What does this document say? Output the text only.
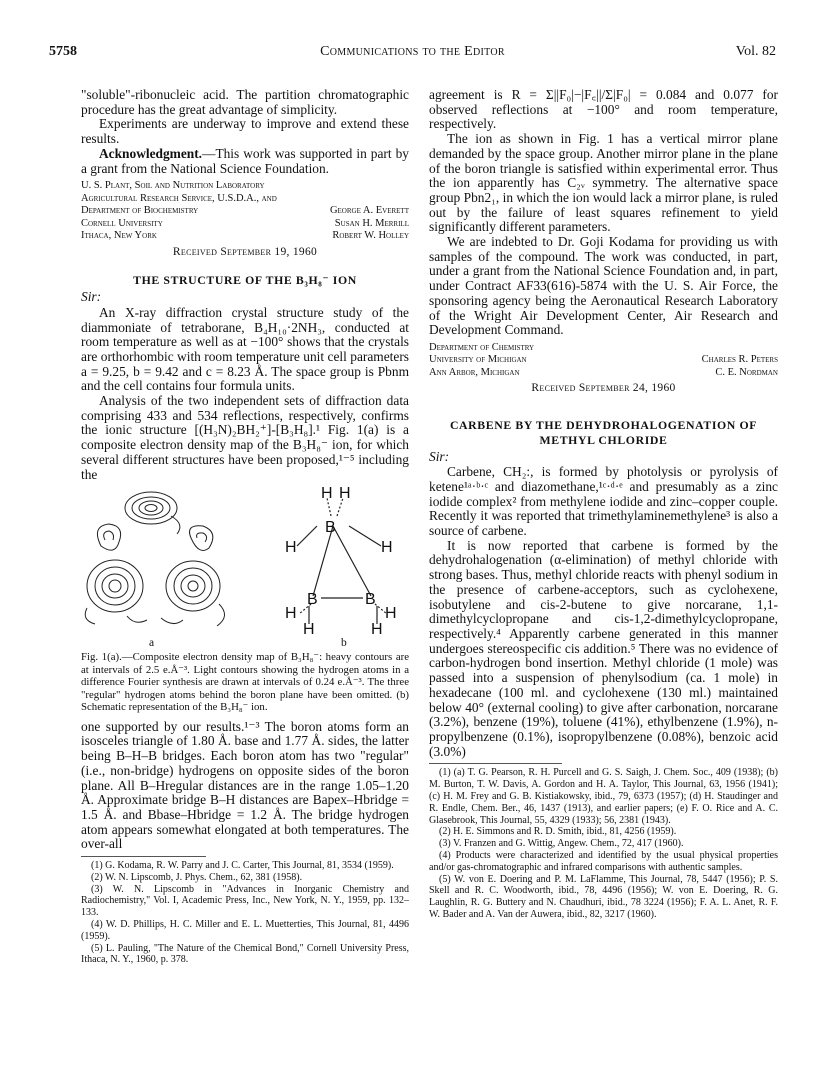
5758	Communications to the Editor	Vol. 82

"soluble"-ribonucleic acid. The partition chromatographic procedure has the great advantage of simplicity.

Experiments are underway to improve and extend these results.

Acknowledgment.—This work was supported in part by a grant from the National Science Foundation.

U. S. Plant, Soil and Nutrition Laboratory
Agricultural Research Service, U.S.D.A., and
Department of Biochemistry	George A. Everett
Cornell University	Susan H. Merrill
Ithaca, New York	Robert W. Holley
Received September 19, 1960
THE STRUCTURE OF THE B₃H₈⁻ ION
Sir:

An X-ray diffraction crystal structure study of the diammoniate of tetraborane, B₄H₁₀·2NH₃, conducted at room temperature as well as at −100° shows that the crystals are orthorhombic with room temperature unit cell parameters a = 9.25, b = 9.42 and c = 8.23 Å. The space group is Pbnm and the cell contains four formula units.

Analysis of the two independent sets of diffraction data comprising 433 and 534 reflections, respectively, confirms the ionic structure [(H₃N)₂BH₂⁺]-[B₃H₈].¹ Fig. 1(a) is a composite electron density map of the B₃H₈⁻ ion, for which several different structures have been proposed,¹⁻⁵ including the

B
B	B
H H
H	H
H
H
H
H
a	b
Fig. 1(a).—Composite electron density map of B₃H₈⁻: heavy contours are at intervals of 2.5 e.Å⁻³. Light contours showing the hydrogen atoms in a difference Fourier synthesis are drawn at intervals of 0.24 e.Å⁻³. The three "regular" hydrogen atoms behind the boron plane have been omitted. (b) Schematic representation of the B₃H₈⁻ ion.

one supported by our results.¹⁻³ The boron atoms form an isosceles triangle of 1.80 Å. base and 1.77 Å. sides, the latter being B–H–B bridges. Each boron atom has two "regular" (i.e., non-bridge) hydrogens on opposite sides of the boron plane. All B–Hregular distances are in the range 1.05–1.20 Å. Approximate bridge B–H distances are Bapex–Hbridge = 1.5 Å. and Bbase–Hbridge = 1.2 Å. The bridge hydrogen atom appears somewhat elongated at both temperatures. The over-all

(1) G. Kodama, R. W. Parry and J. C. Carter, This Journal, 81, 3534 (1959).

(2) W. N. Lipscomb, J. Phys. Chem., 62, 381 (1958).

(3) W. N. Lipscomb in "Advances in Inorganic Chemistry and Radiochemistry," Vol. I, Academic Press, Inc., New York, N. Y., 1959, pp. 132–133.

(4) W. D. Phillips, H. C. Miller and E. L. Muetterties, This Journal, 81, 4496 (1959).

(5) L. Pauling, "The Nature of the Chemical Bond," Cornell University Press, Ithaca, N. Y., 1960, p. 378.

agreement is R = Σ||F₀|−|F꜀||/Σ|F₀| = 0.084 and 0.077 for observed reflections at −100° and room temperature, respectively.

The ion as shown in Fig. 1 has a vertical mirror plane demanded by the space group. Another mirror plane in the plane of the boron triangle is satisfied within experimental error. Thus the ion apparently has C₂ᵥ symmetry. The alternative space group Pbn2₁, in which the ion would lack a mirror plane, is ruled out by the failure of least squares refinement to yield significantly different parameters.

We are indebted to Dr. Goji Kodama for providing us with samples of the compound. The work was conducted, in part, under a grant from the National Science Foundation and, in part, under Contract AF33(616)-5874 with the U. S. Air Force, the sponsoring agency being the Aeronautical Research Laboratory of the Wright Air Development Center, Air Research and Development Command.

Department of Chemistry
University of Michigan	Charles R. Peters
Ann Arbor, Michigan	C. E. Nordman
Received September 24, 1960
CARBENE BY THE DEHYDROHALOGENATION OF METHYL CHLORIDE
Sir:

Carbene, CH₂:, is formed by photolysis or pyrolysis of ketene¹ᵃ·ᵇ·ᶜ and diazomethane,¹ᶜ·ᵈ·ᵉ and presumably as a zinc iodide complex² from methylene iodide and zinc–copper couple. Recently it was reported that trimethylaminemethylene³ is also a source of carbene.

It is now reported that carbene is formed by the dehydrohalogenation (α-elimination) of methyl chloride with strong bases. Thus, methyl chloride reacts with phenyl sodium in the presence of carbene-acceptors, such as cyclohexene, isobutylene and cis-2-butene to give norcarane, 1,1-dimethylcyclopropane and cis-1,2-dimethylcyclopropane, respectively.⁴ Apparently carbene generated in this manner undergoes stereospecific cis addition.⁵ There was no evidence of carbon-hydrogen bond insertion. Methyl chloride (1 mole) was passed into a suspension of phenylsodium (ca. 1 mole) in hexadecane (100 ml. and cyclohexene (130 ml.) maintained below 40° (external cooling) to give after carbonation, norcarane (3.2%), benzene (19%), toluene (41%), ethylbenzene (1.9%), n-propylbenzene (0.1%), isopropylbenzene (0.08%), benzoic acid (3.0%)

(1) (a) T. G. Pearson, R. H. Purcell and G. S. Saigh, J. Chem. Soc., 409 (1938); (b) M. Burton, T. W. Davis, A. Gordon and H. A. Taylor, This Journal, 63, 1956 (1941); (c) H. M. Frey and G. B. Kistiakowsky, ibid., 79, 6373 (1957); (d) H. Staudinger and R. Endle, Chem. Ber., 46, 1437 (1913), and earlier papers; (e) F. O. Rice and A. C. Glasebrook, This Journal, 55, 4329 (1933); 56, 2381 (1943).

(2) H. E. Simmons and R. D. Smith, ibid., 81, 4256 (1959).

(3) V. Franzen and G. Wittig, Angew. Chem., 72, 417 (1960).

(4) Products were characterized and identified by the usual physical properties and/or gas-chromatographic and infrared comparisons with authentic samples.

(5) W. von E. Doering and P. M. LaFlamme, This Journal, 78, 5447 (1956); P. S. Skell and R. C. Woodworth, ibid., 78, 4496 (1956); W. von E. Doering, R. G. Laughlin, R. G. Buttery and N. Chaudhuri, ibid., 78 3224 (1956); F. A. L. Anet, R. F. W. Bader and A. Van der Auwera, ibid., 82, 3217 (1960).
